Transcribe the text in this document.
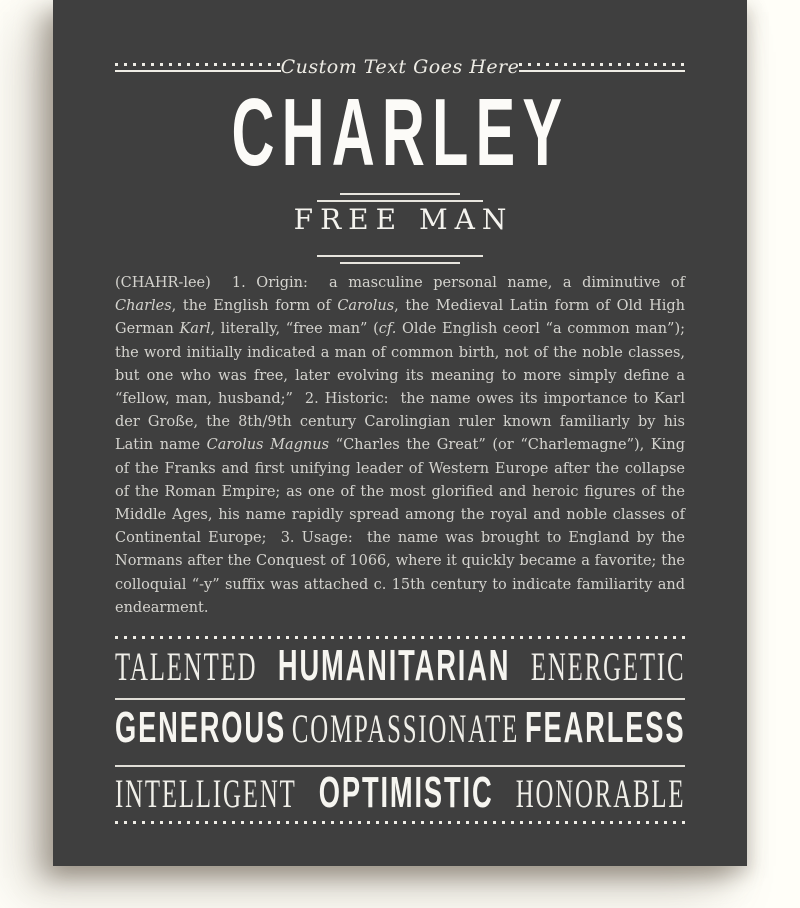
Custom Text Goes Here
CHARLEY
FREE MAN
(CHAHR-lee)  1. Origin:  a masculine personal name, a diminutive of Charles, the English form of Carolus, the Medieval Latin form of Old High German Karl, literally, “free man” (cf. Olde English ceorl “a common man”); the word initially indicated a man of common birth, not of the noble classes, but one who was free, later evolving its meaning to more simply define a “fellow, man, husband;”  2. Historic:  the name owes its importance to Karl der Große, the 8th/9th century Carolingian ruler known familiarly by his Latin name Carolus Magnus “Charles the Great” (or “Charlemagne”), King of the Franks and first unifying leader of Western Europe after the collapse of the Roman Empire; as one of the most glorified and heroic figures of the Middle Ages, his name rapidly spread among the royal and noble classes of Continental Europe;  3. Usage:  the name was brought to England by the Normans after the Conquest of 1066, where it quickly became a favorite; the colloquial “-y” suffix was attached c. 15th century to indicate familiarity and endearment.
TALENTED HUMANITARIAN ENERGETIC
GENEROUS COMPASSIONATE FEARLESS
INTELLIGENT OPTIMISTIC HONORABLE
